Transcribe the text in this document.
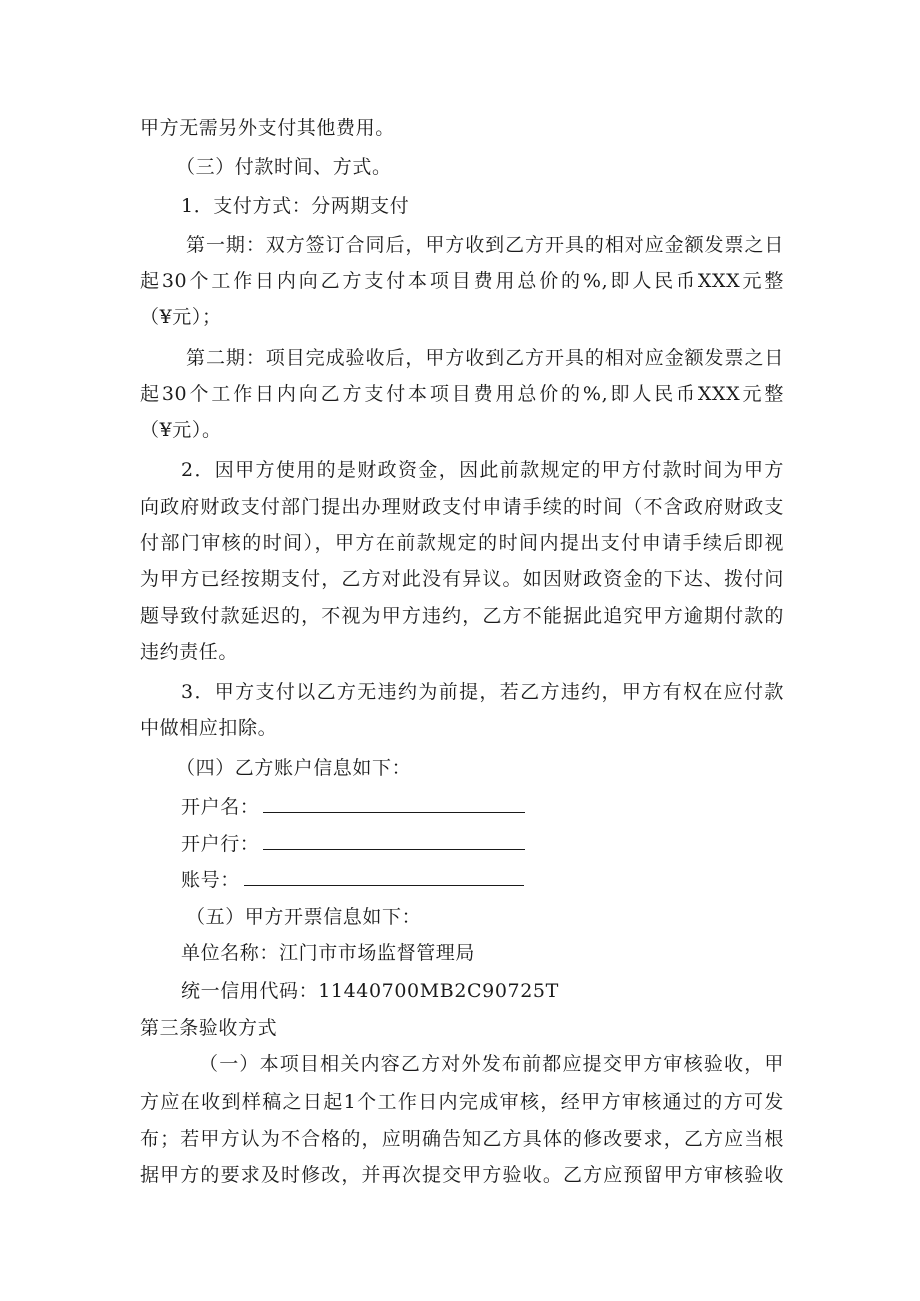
甲方无需另外支付其他费用。
（三）付款时间、方式。
1．支付方式：分两期支付
第一期：双方签订合同后，甲方收到乙方开具的相对应金额发票之日
起30个工作日内向乙方支付本项目费用总价的%,即人民币XXX元整
（¥元）；
第二期：项目完成验收后，甲方收到乙方开具的相对应金额发票之日
起30个工作日内向乙方支付本项目费用总价的%,即人民币XXX元整
（¥元）。
2．因甲方使用的是财政资金，因此前款规定的甲方付款时间为甲方
向政府财政支付部门提出办理财政支付申请手续的时间（不含政府财政支
付部门审核的时间），甲方在前款规定的时间内提出支付申请手续后即视
为甲方已经按期支付，乙方对此没有异议。如因财政资金的下达、拨付问
题导致付款延迟的，不视为甲方违约，乙方不能据此追究甲方逾期付款的
违约责任。
3．甲方支付以乙方无违约为前提，若乙方违约，甲方有权在应付款
中做相应扣除。
（四）乙方账户信息如下：
开户名：
开户行：
账号：
（五）甲方开票信息如下：
单位名称：江门市市场监督管理局
统一信用代码：11440700MB2C90725T
第三条验收方式
（一）本项目相关内容乙方对外发布前都应提交甲方审核验收，甲
方应在收到样稿之日起1个工作日内完成审核，经甲方审核通过的方可发
布；若甲方认为不合格的，应明确告知乙方具体的修改要求，乙方应当根
据甲方的要求及时修改，并再次提交甲方验收。乙方应预留甲方审核验收
